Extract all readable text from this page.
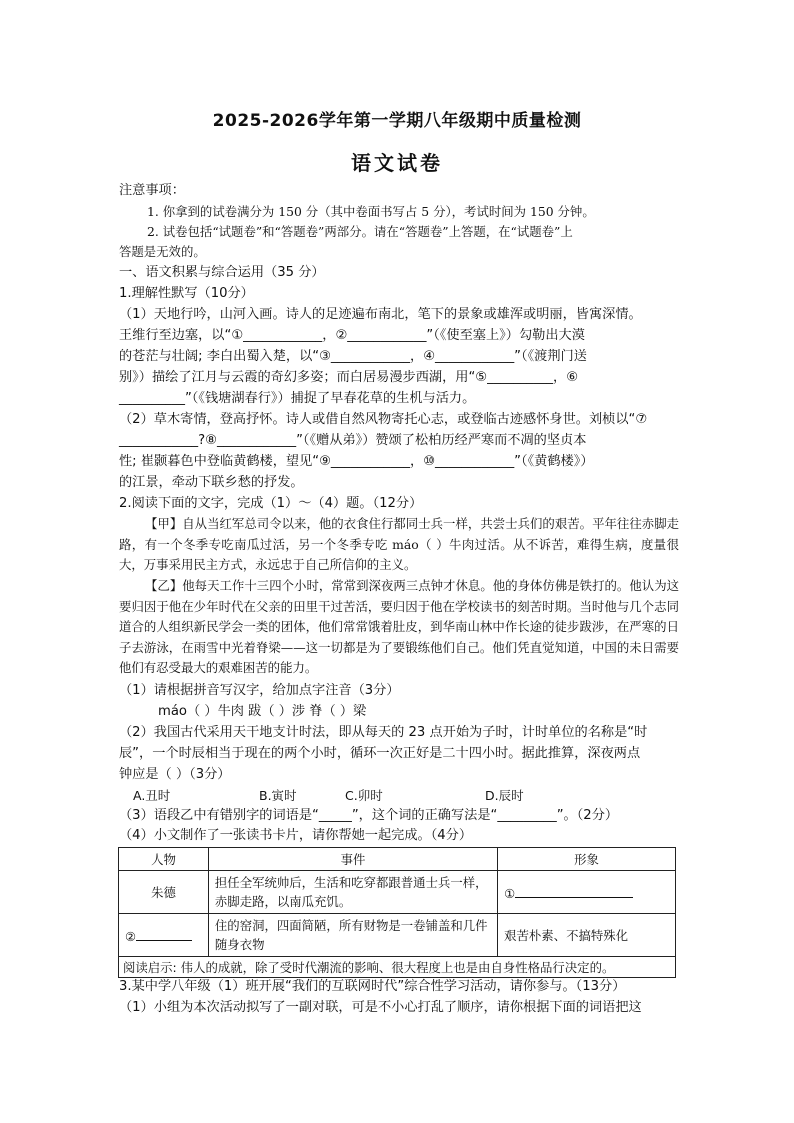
2025-2026学年第一学期八年级期中质量检测
语文试卷
注意事项：
1. 你拿到的试卷满分为 150 分（其中卷面书写占 5 分），考试时间为 150 分钟。
2. 试卷包括“试题卷”和“答题卷”两部分。请在“答题卷”上答题，在“试题卷”上
答题是无效的。
一、语文积累与综合运用（35 分）
1.理解性默写（10分）
（1）天地行吟，山河入画。诗人的足迹遍布南北，笔下的景象或雄浑或明丽，皆寓深情。
王维行至边塞，以“①____________，②____________”（《使至塞上》）勾勒出大漠
的苍茫与壮阔; 李白出蜀入楚，以“③____________，④____________”（《渡荆门送
别》）描绘了江月与云霞的奇幻多姿；而白居易漫步西湖，用“⑤__________，⑥
__________”（《钱塘湖春行》）捕捉了早春花草的生机与活力。
（2）草木寄情，登高抒怀。诗人或借自然风物寄托心志，或登临古迹感怀身世。刘桢以“⑦
____________?⑧____________”（《赠从弟》）赞颂了松柏历经严寒而不凋的坚贞本
性; 崔颢暮色中登临黄鹤楼，望见“⑨____________，⑩____________”（《黄鹤楼》）
的江景，牵动下联乡愁的抒发。
2.阅读下面的文字，完成（1）～（4）题。（12分）

【甲】自从当红军总司令以来，他的衣食住行都同士兵一样，共尝士兵们的艰苦。平年往往赤脚走路，有一个冬季专吃南瓜过活，另一个冬季专吃 máo（ ）牛肉过活。从不诉苦，难得生病，度量很大，万事采用民主方式，永远忠于自己所信仰的主义。

【乙】他每天工作十三四个小时，常常到深夜两三点钟才休息。他的身体仿佛是铁打的。他认为这要归因于他在少年时代在父亲的田里干过苦活，要归因于他在学校读书的刻苦时期。当时他与几个志同道合的人组织新民学会一类的团体，他们常常饿着肚皮，到华南山林中作长途的徒步跋涉，在严寒的日子去游泳，在雨雪中光着脊梁——这一切都是为了要锻练他们自己。他们凭直觉知道，中国的未日需要他们有忍受最大的艰难困苦的能力。

（1）请根据拼音写汉字，给加点字注音（3分）
máo（ ）牛肉 跋（ ）涉 脊（ ）梁
（2）我国古代采用天干地支计时法，即从每天的 23 点开始为子时，计时单位的名称是“时
辰”，一个时辰相当于现在的两个小时，循环一次正好是二十四小时。据此推算，深夜两点
钟应是（ ）（3分）
A.丑时	B.寅时	C.卯时	D.辰时
（3）语段乙中有错别字的词语是“_____”，这个词的正确写法是“_________”。（2分）
（4）小文制作了一张读书卡片，请你帮她一起完成。（4分）
人物	事件	形象
朱德	担任全军统帅后，生活和吃穿都跟普通士兵一样，赤脚走路，以南瓜充饥。	①
②	住的窑洞，四面简陋，所有财物是一卷铺盖和几件随身衣物	艰苦朴素、不搞特殊化
阅读启示: 伟人的成就，除了受时代潮流的影响、很大程度上也是由自身性格品行决定的。		
3.某中学八年级（1）班开展“我们的互联网时代”综合性学习活动，请你参与。（13分）
（1）小组为本次活动拟写了一副对联，可是不小心打乱了顺序，请你根据下面的词语把这
